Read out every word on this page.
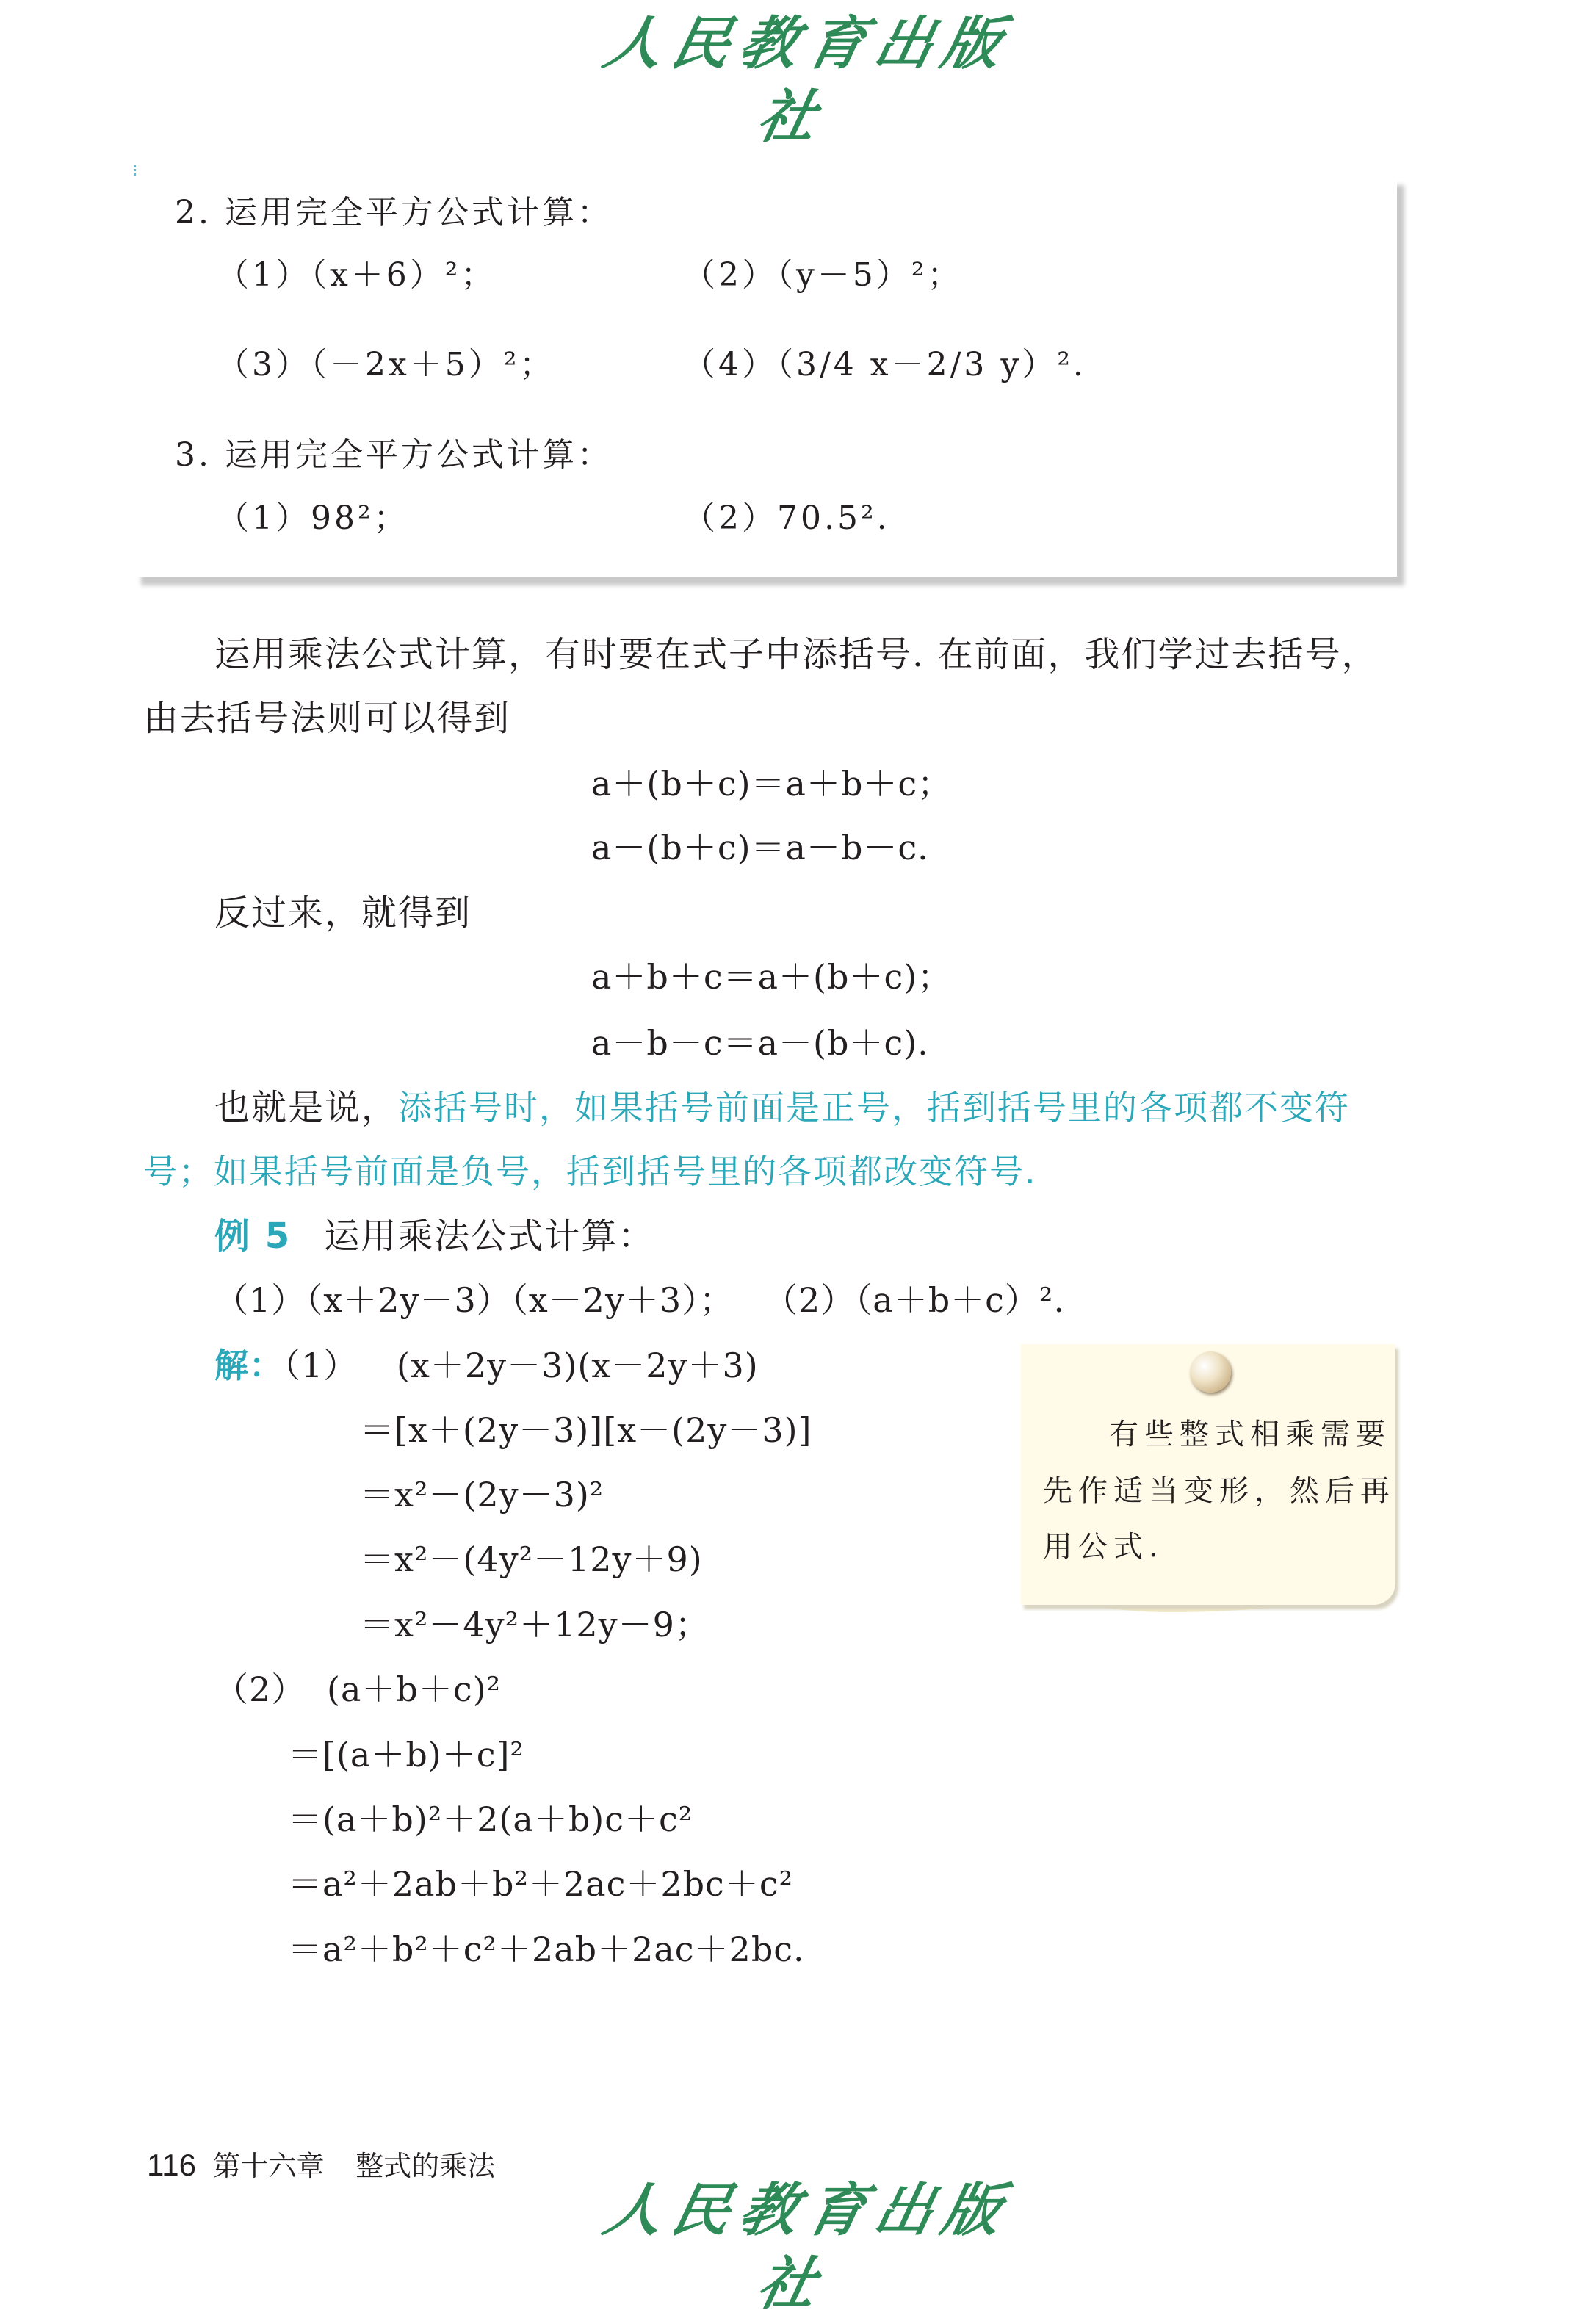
人民教育出版社
2. 运用完全平方公式计算：
（1）（x＋6）²；	（2）（y－5）²；
（3）（－2x＋5）²；	（4）（3/4 x－2/3 y）².
3. 运用完全平方公式计算：
（1）98²；	（2）70.5².
运用乘法公式计算，有时要在式子中添括号. 在前面，我们学过去括号，
由去括号法则可以得到
a＋(b＋c)＝a＋b＋c；
a－(b＋c)＝a－b－c.
反过来，就得到
a＋b＋c＝a＋(b＋c)；
a－b－c＝a－(b＋c).
也就是说，添括号时，如果括号前面是正号，括到括号里的各项都不变符
号；如果括号前面是负号，括到括号里的各项都改变符号.
例 5 运用乘法公式计算：
（1）（x＋2y－3）（x－2y＋3）； （2）（a＋b＋c）².
解：（1） (x＋2y－3)(x－2y＋3)
＝[x＋(2y－3)][x－(2y－3)]
＝x²－(2y－3)²
＝x²－(4y²－12y＋9)
＝x²－4y²＋12y－9；
（2） (a＋b＋c)²
＝[(a＋b)＋c]²
＝(a＋b)²＋2(a＋b)c＋c²
＝a²＋2ab＋b²＋2ac＋2bc＋c²
＝a²＋b²＋c²＋2ab＋2ac＋2bc.
有些整式相乘需要
先作适当变形，然后再
用公式.
116 第十六章 整式的乘法
人民教育出版社
